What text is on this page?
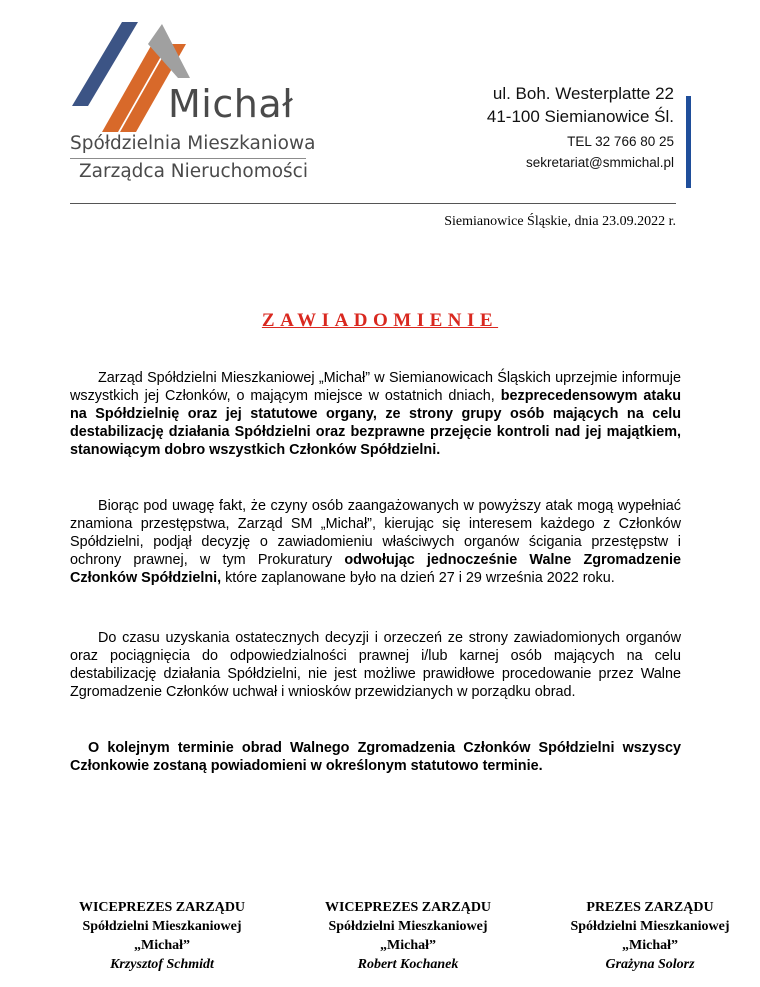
Michał
Spółdzielnia Mieszkaniowa
Zarządca Nieruchomości
ul. Boh. Westerplatte 22
41-100 Siemianowice Śl.
TEL 32 766 80 25
sekretariat@smmichal.pl
Siemianowice Śląskie, dnia 23.09.2022 r.
ZAWIADOMIENIE
Zarząd Spółdzielni Mieszkaniowej „Michał” w Siemianowicach Śląskich uprzejmie informuje wszystkich jej Członków, o mającym miejsce w ostatnich dniach, bezprecedensowym ataku na Spółdzielnię oraz jej statutowe organy, ze strony grupy osób mających na celu destabilizację działania Spółdzielni oraz bezprawne przejęcie kontroli nad jej majątkiem, stanowiącym dobro wszystkich Członków Spółdzielni.
Biorąc pod uwagę fakt, że czyny osób zaangażowanych w powyższy atak mogą wypełniać znamiona przestępstwa, Zarząd SM „Michał”, kierując się interesem każdego z Członków Spółdzielni, podjął decyzję o zawiadomieniu właściwych organów ścigania przestępstw i ochrony prawnej, w tym Prokuratury odwołując jednocześnie Walne Zgromadzenie Członków Spółdzielni, które zaplanowane było na dzień 27 i 29 września 2022 roku.
Do czasu uzyskania ostatecznych decyzji i orzeczeń ze strony zawiadomionych organów oraz pociągnięcia do odpowiedzialności prawnej i/lub karnej osób mających na celu destabilizację działania Spółdzielni, nie jest możliwe prawidłowe procedowanie przez Walne Zgromadzenie Członków uchwał i wniosków przewidzianych w porządku obrad.
O kolejnym terminie obrad Walnego Zgromadzenia Członków Spółdzielni wszyscy Członkowie zostaną powiadomieni w określonym statutowo terminie.
WICEPREZES ZARZĄDU
Spółdzielni Mieszkaniowej
„Michał”
Krzysztof Schmidt
WICEPREZES ZARZĄDU
Spółdzielni Mieszkaniowej
„Michał”
Robert Kochanek
PREZES ZARZĄDU
Spółdzielni Mieszkaniowej
„Michał”
Grażyna Solorz
